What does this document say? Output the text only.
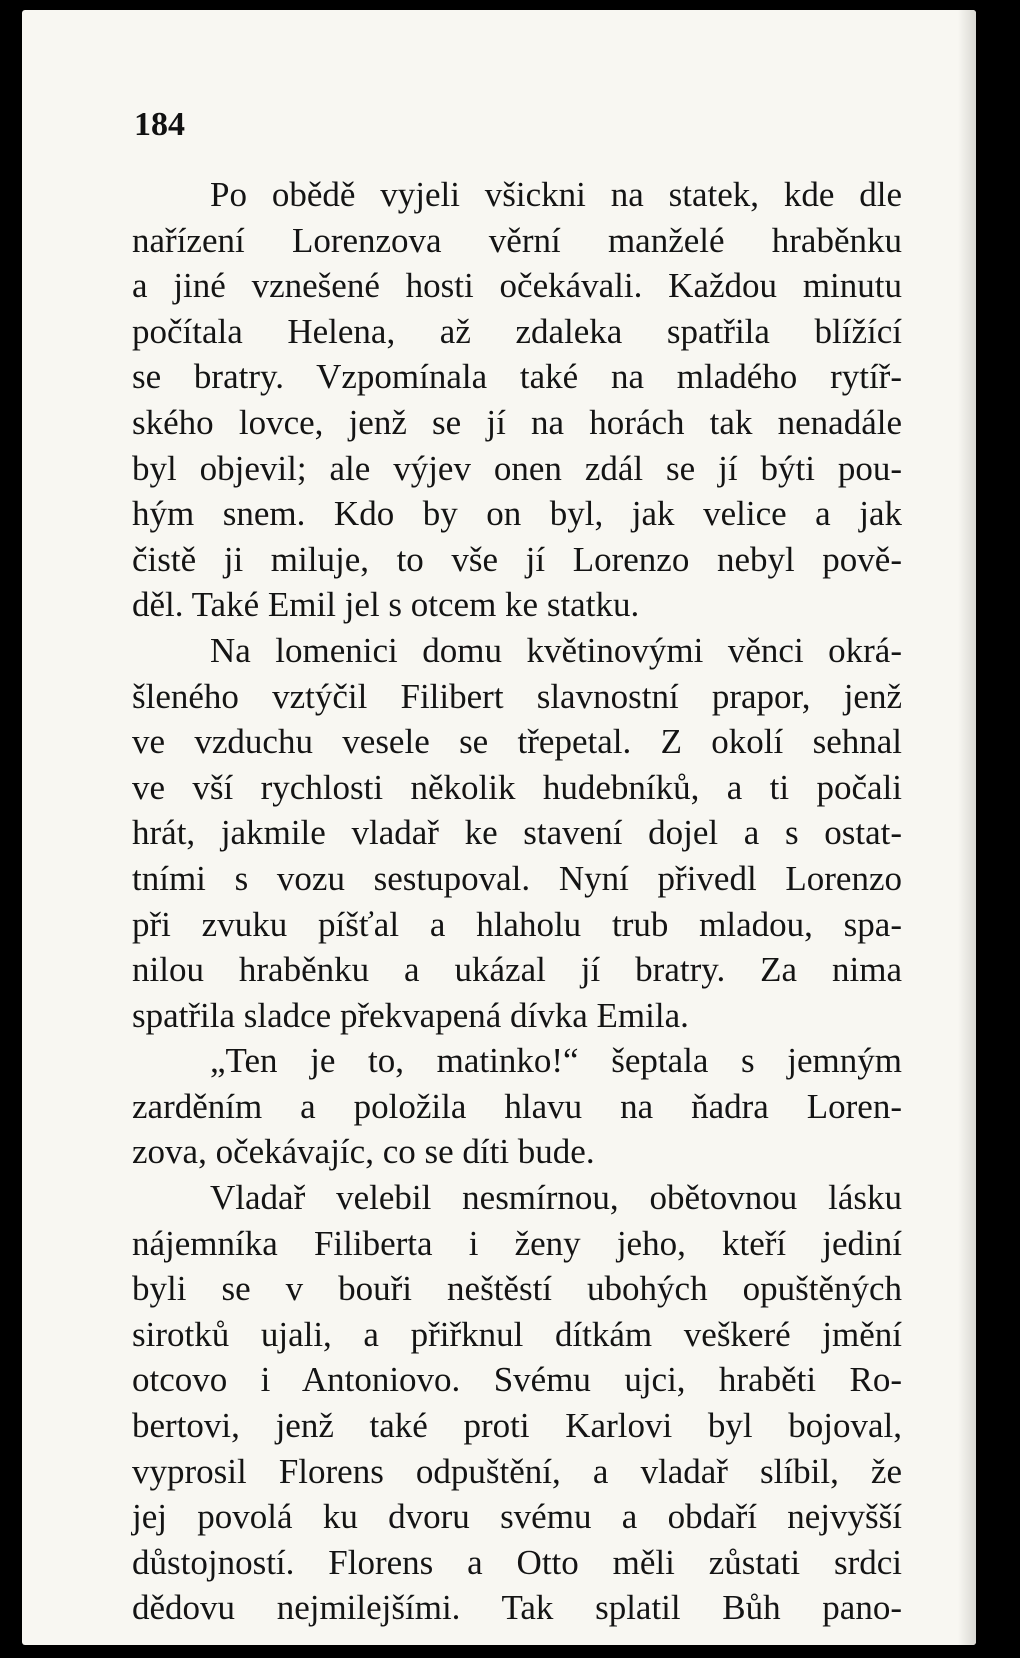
184

Po obědě vyjeli všickni na statek, kde dle
nařízení Lorenzova věrní manželé hraběnku
a jiné vznešené hosti očekávali. Každou minutu
počítala Helena, až zdaleka spatřila blížící
se bratry. Vzpomínala také na mladého rytíř-
ského lovce, jenž se jí na horách tak nenadále
byl objevil; ale výjev onen zdál se jí býti pou-
hým snem. Kdo by on byl, jak velice a jak
čistě ji miluje, to vše jí Lorenzo nebyl pově-
děl. Také Emil jel s otcem ke statku.
Na lomenici domu květinovými věnci okrá-
šleného vztýčil Filibert slavnostní prapor, jenž
ve vzduchu vesele se třepetal. Z okolí sehnal
ve vší rychlosti několik hudebníků, a ti počali
hrát, jakmile vladař ke stavení dojel a s ostat-
tními s vozu sestupoval. Nyní přivedl Lorenzo
při zvuku píšťal a hlaholu trub mladou, spa-
nilou hraběnku a ukázal jí bratry. Za nima
spatřila sladce překvapená dívka Emila.
„Ten je to, matinko!“ šeptala s jemným
zarděním a položila hlavu na ňadra Loren-
zova, očekávajíc, co se díti bude.
Vladař velebil nesmírnou, obětovnou lásku
nájemníka Filiberta i ženy jeho, kteří jediní
byli se v bouři neštěstí ubohých opuštěných
sirotků ujali, a přiřknul dítkám veškeré jmění
otcovo i Antoniovo. Svému ujci, hraběti Ro-
bertovi, jenž také proti Karlovi byl bojoval,
vyprosil Florens odpuštění, a vladař slíbil, že
jej povolá ku dvoru svému a obdaří nejvyšší
důstojností. Florens a Otto měli zůstati srdci
dědovu nejmilejšími. Tak splatil Bůh pano-
